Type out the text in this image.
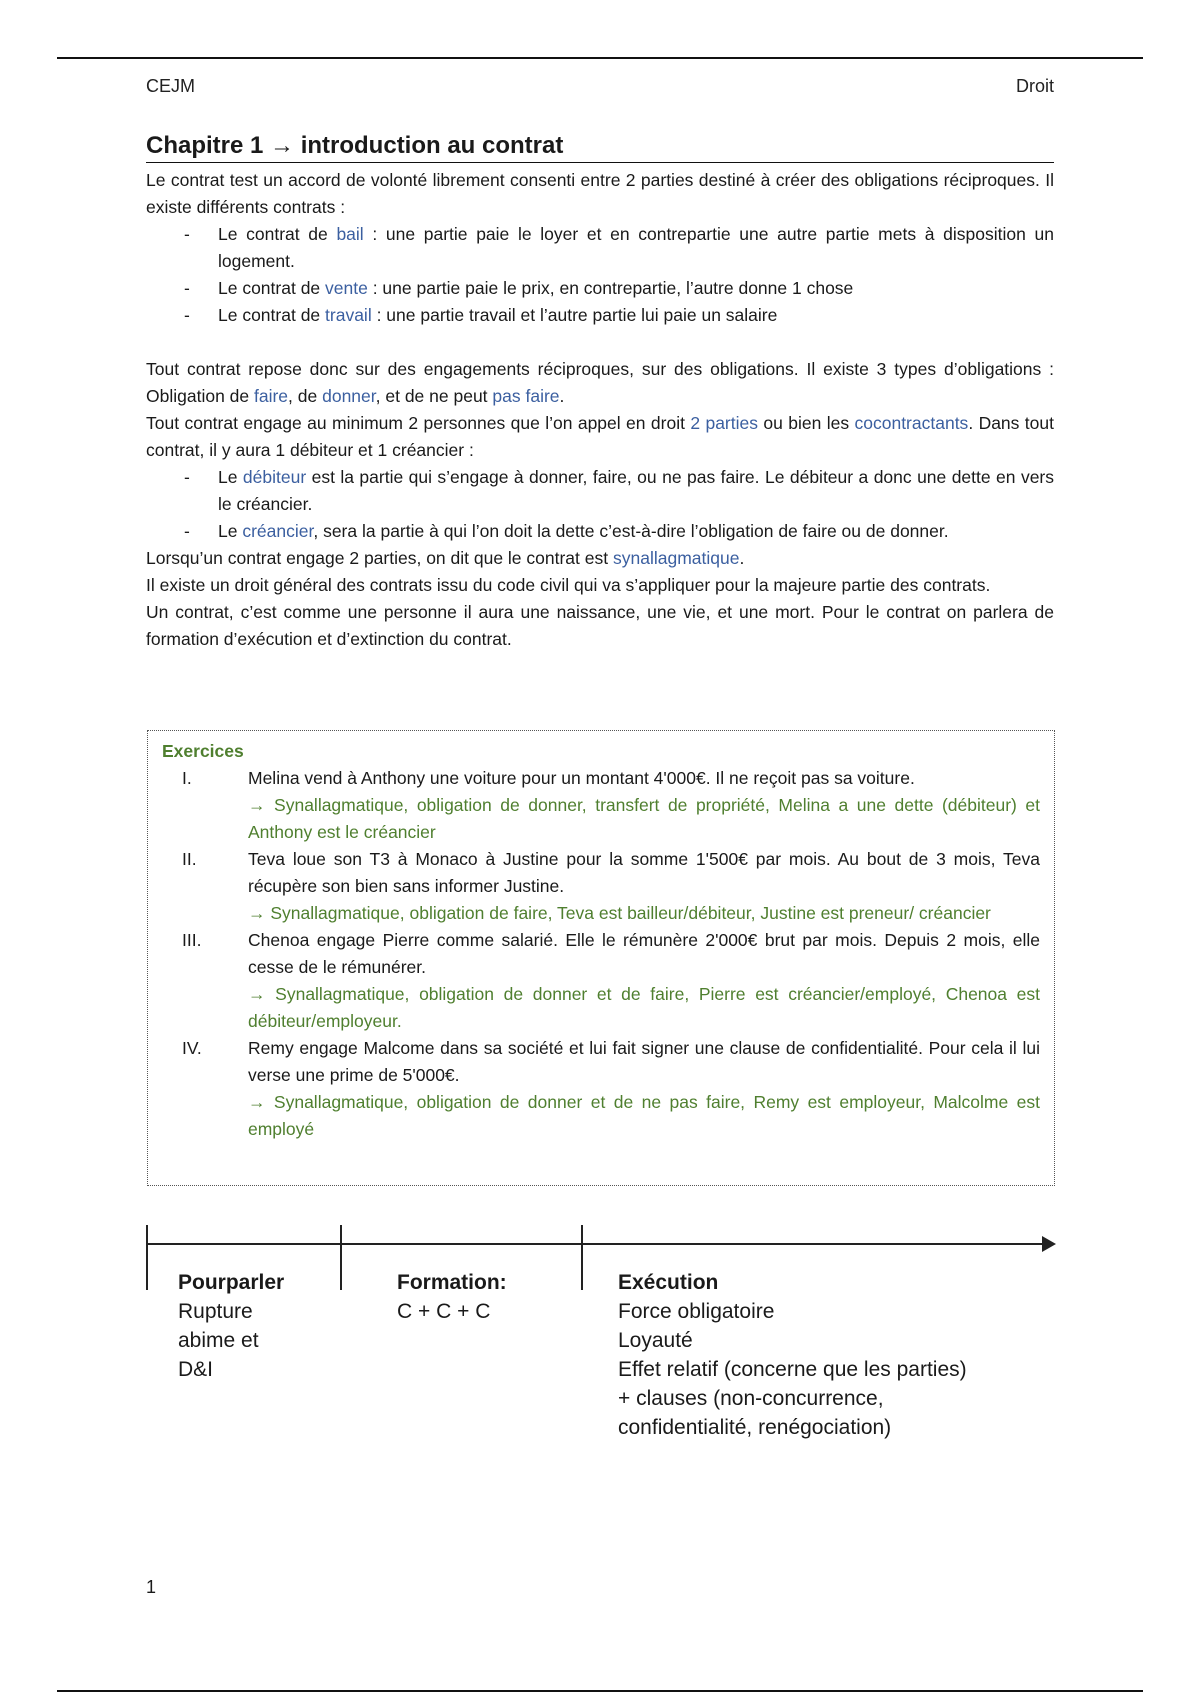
CEJM	Droit
Chapitre 1 → introduction au contrat

Le contrat test un accord de volonté librement consenti entre 2 parties destiné à créer des obligations réciproques. Il existe différents contrats :

- Le contrat de bail : une partie paie le loyer et en contrepartie une autre partie mets à disposition un logement.
- Le contrat de vente : une partie paie le prix, en contrepartie, l’autre donne 1 chose
- Le contrat de travail : une partie travail et l’autre partie lui paie un salaire

Tout contrat repose donc sur des engagements réciproques, sur des obligations. Il existe 3 types d’obligations : Obligation de faire, de donner, et de ne peut pas faire.

Tout contrat engage au minimum 2 personnes que l’on appel en droit 2 parties ou bien les cocontractants. Dans tout contrat, il y aura 1 débiteur et 1 créancier :

- Le débiteur est la partie qui s’engage à donner, faire, ou ne pas faire. Le débiteur a donc une dette en vers le créancier.
- Le créancier, sera la partie à qui l’on doit la dette c’est-à-dire l’obligation de faire ou de donner.

Lorsqu’un contrat engage 2 parties, on dit que le contrat est synallagmatique.

Il existe un droit général des contrats issu du code civil qui va s’appliquer pour la majeure partie des contrats.

Un contrat, c’est comme une personne il aura une naissance, une vie, et une mort. Pour le contrat on parlera de formation d’exécution et d’extinction du contrat.

Exercices
I.	Melina vend à Anthony une voiture pour un montant 4'000€. Il ne reçoit pas sa voiture.
→ Synallagmatique, obligation de donner, transfert de propriété, Melina a une dette (débiteur) et Anthony est le créancier
II.	Teva loue son T3 à Monaco à Justine pour la somme 1'500€ par mois. Au bout de 3 mois, Teva récupère son bien sans informer Justine.
→ Synallagmatique, obligation de faire, Teva est bailleur/débiteur, Justine est preneur/ créancier
III.	Chenoa engage Pierre comme salarié. Elle le rémunère 2'000€ brut par mois. Depuis 2 mois, elle cesse de le rémunérer.
→ Synallagmatique, obligation de donner et de faire, Pierre est créancier/employé, Chenoa est débiteur/employeur.
IV.	Remy engage Malcome dans sa société et lui fait signer une clause de confidentialité. Pour cela il lui verse une prime de 5'000€.
→ Synallagmatique, obligation de donner et de ne pas faire, Remy est employeur, Malcolme est employé
Pourparler
Rupture
abime et
D&I
Formation:
C + C + C
Exécution
Force obligatoire
Loyauté
Effet relatif (concerne que les parties)
+ clauses (non-concurrence,
confidentialité, renégociation)
1
